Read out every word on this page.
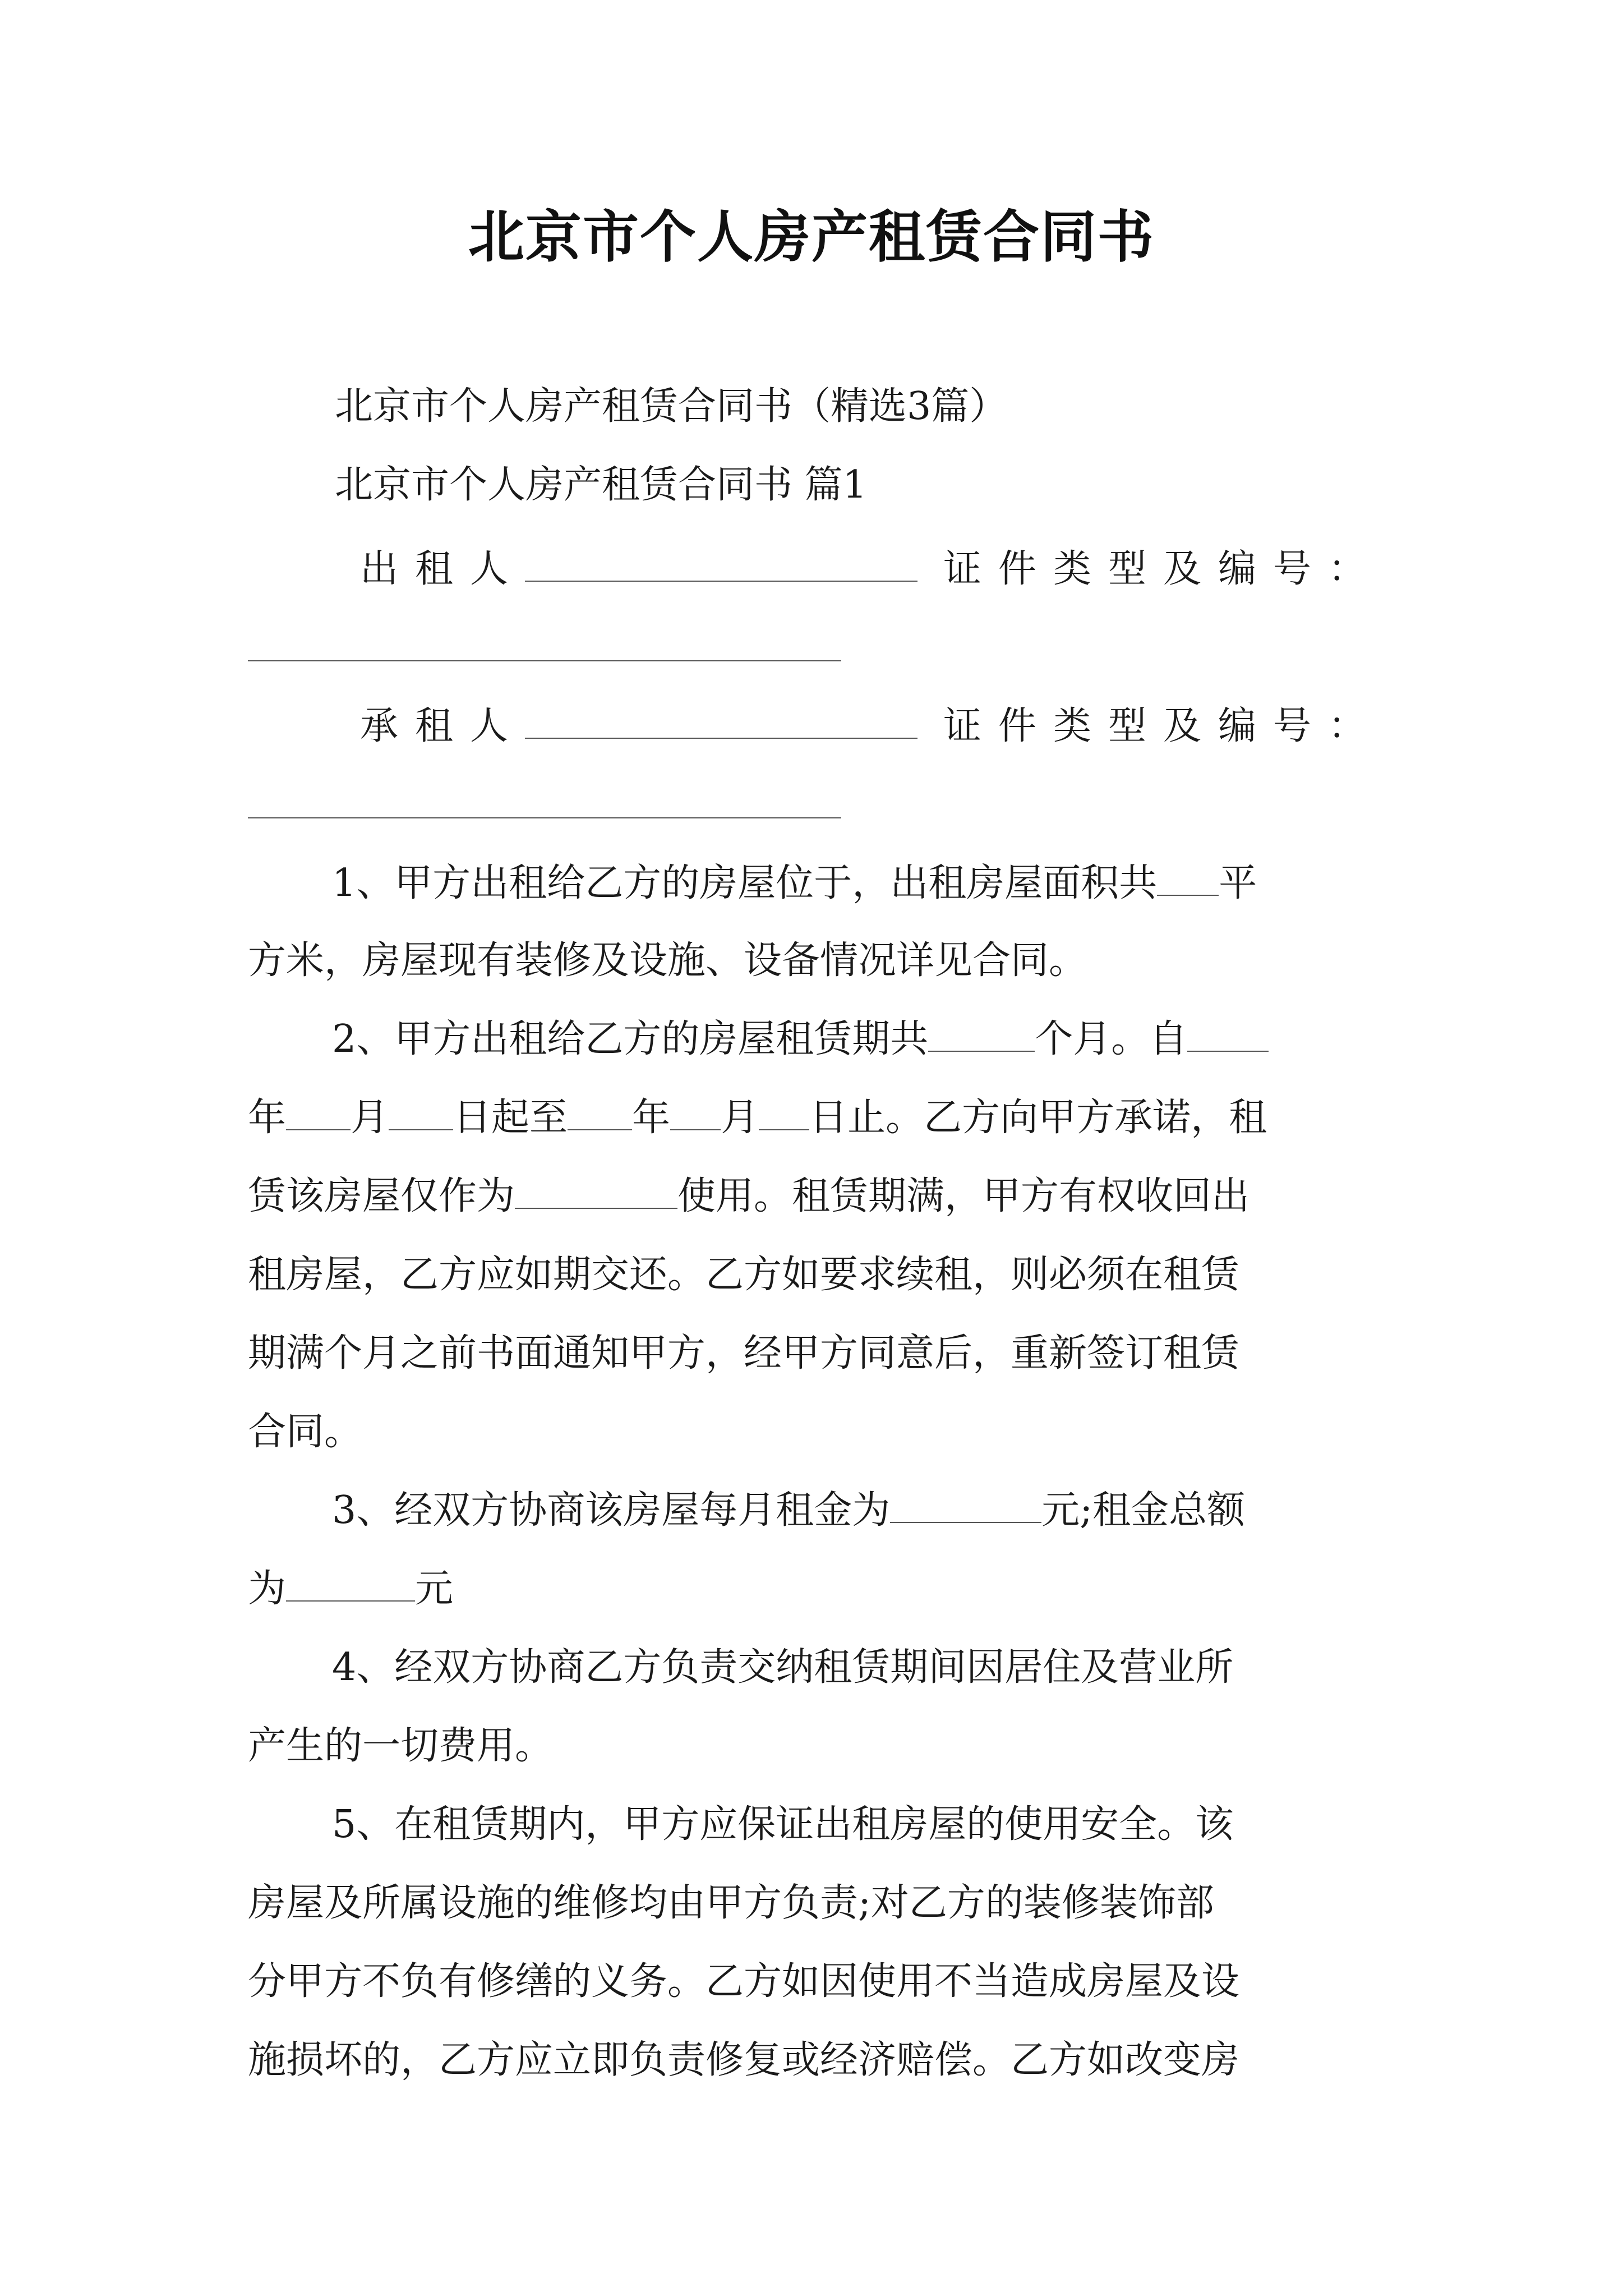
北京市个人房产租赁合同书
北京市个人房产租赁合同书（精选3篇）
北京市个人房产租赁合同书 篇1
出租人	证件类型及编号：
承租人	证件类型及编号：
1、甲方出租给乙方的房屋位于，出租房屋面积共 平
方米，房屋现有装修及设施、设备情况详见合同。
2、甲方出租给乙方的房屋租赁期共	个月。自
年 月 日起至 年 月 日止。乙方向甲方承诺，租
赁该房屋仅作为	使用。租赁期满，甲方有权收回出
租房屋，乙方应如期交还。乙方如要求续租，则必须在租赁
期满个月之前书面通知甲方，经甲方同意后，重新签订租赁
合同。
3、经双方协商该房屋每月租金为	元;租金总额
为	元
4、经双方协商乙方负责交纳租赁期间因居住及营业所
产生的一切费用。
5、在租赁期内，甲方应保证出租房屋的使用安全。该
房屋及所属设施的维修均由甲方负责;对乙方的装修装饰部
分甲方不负有修缮的义务。乙方如因使用不当造成房屋及设
施损坏的，乙方应立即负责修复或经济赔偿。乙方如改变房
